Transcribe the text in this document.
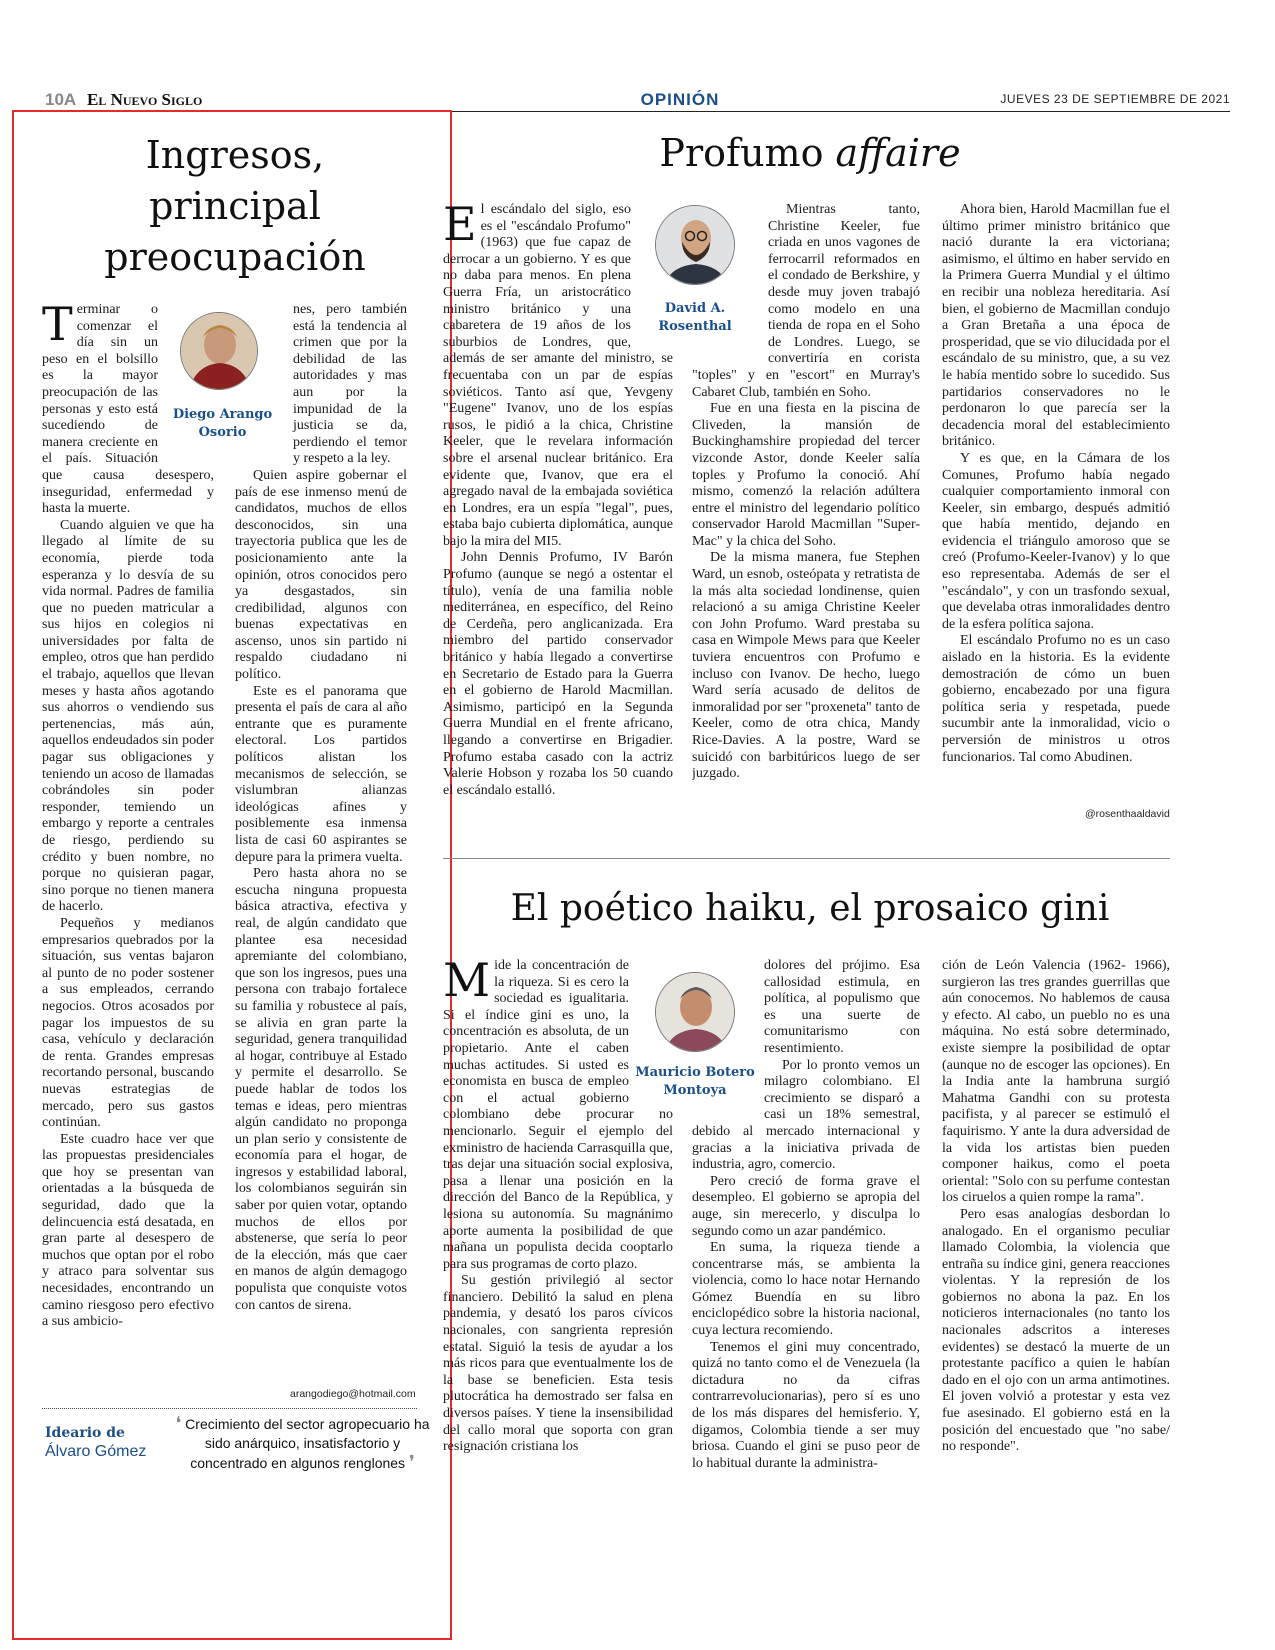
10A El Nuevo Siglo	OPINIÓN	JUEVES 23 DE SEPTIEMBRE DE 2021
Ingresos,
principal
preocupación
Diego Arango
Osorio

Terminar o comenzar el día sin un peso en el bolsillo es la mayor preocupación de las personas y esto está sucediendo de manera creciente en el país. Situación que causa desespero, inseguridad, enfermedad y hasta la muerte.

Cuando alguien ve que ha llegado al límite de su economía, pierde toda esperanza y lo desvía de su vida normal. Padres de familia que no pueden matricular a sus hijos en colegios ni universidades por falta de empleo, otros que han perdido el trabajo, aquellos que llevan meses y hasta años agotando sus ahorros o vendiendo sus pertenencias, más aún, aquellos endeudados sin poder pagar sus obligaciones y teniendo un acoso de llamadas cobrándoles sin poder responder, temiendo un embargo y reporte a centrales de riesgo, perdiendo su crédito y buen nombre, no porque no quisieran pagar, sino porque no tienen manera de hacerlo.

Pequeños y medianos empresarios quebrados por la situación, sus ventas bajaron al punto de no poder sostener a sus empleados, cerrando negocios. Otros acosados por pagar los impuestos de su casa, vehículo y declaración de renta. Grandes empresas recortando personal, buscando nuevas estrategias de mercado, pero sus gastos continúan.

Este cuadro hace ver que las propuestas presidenciales que hoy se presentan van orientadas a la búsqueda de seguridad, dado que la delincuencia está desatada, en gran parte al desespero de muchos que optan por el robo y atraco para solventar sus necesidades, encontrando un camino riesgoso pero efectivo a sus ambicio-

nes, pero también está la tendencia al crimen que por la debilidad de las autoridades y mas aun por la impunidad de la justicia se da, perdiendo el temor y respeto a la ley.

Quien aspire gobernar el país de ese inmenso menú de candidatos, muchos de ellos desconocidos, sin una trayectoria publica que les de posicionamiento ante la opinión, otros conocidos pero ya desgastados, sin credibilidad, algunos con buenas expectativas en ascenso, unos sin partido ni respaldo ciudadano ni político.

Este es el panorama que presenta el país de cara al año entrante que es puramente electoral. Los partidos políticos alistan los mecanismos de selección, se vislumbran alianzas ideológicas afines y posiblemente esa inmensa lista de casi 60 aspirantes se depure para la primera vuelta.

Pero hasta ahora no se escucha ninguna propuesta básica atractiva, efectiva y real, de algún candidato que plantee esa necesidad apremiante del colombiano, que son los ingresos, pues una persona con trabajo fortalece su familia y robustece al país, se alivia en gran parte la seguridad, genera tranquilidad al hogar, contribuye al Estado y permite el desarrollo. Se puede hablar de todos los temas e ideas, pero mientras algún candidato no proponga un plan serio y consistente de economía para el hogar, de ingresos y estabilidad laboral, los colombianos seguirán sin saber por quien votar, optando muchos de ellos por abstenerse, que sería lo peor de la elección, más que caer en manos de algún demagogo populista que conquiste votos con cantos de sirena.

arangodiego@hotmail.com
Ideario de
Álvaro Gómez
❛ Crecimiento del sector agropecuario ha sido anárquico, insatisfactorio y concentrado en algunos renglones ❜
Profumo affaire
David A.
Rosenthal

El escándalo del siglo, eso es el "escándalo Profumo" (1963) que fue capaz de derrocar a un gobierno. Y es que no daba para menos. En plena Guerra Fría, un aristocrático ministro británico y una cabaretera de 19 años de los suburbios de Londres, que, además de ser amante del ministro, se frecuentaba con un par de espías soviéticos. Tanto así que, Yevgeny "Eugene" Ivanov, uno de los espías rusos, le pidió a la chica, Christine Keeler, que le revelara información sobre el arsenal nuclear británico. Era evidente que, Ivanov, que era el agregado naval de la embajada soviética en Londres, era un espía "legal", pues, estaba bajo cubierta diplomática, aunque bajo la mira del MI5.

John Dennis Profumo, IV Barón Profumo (aunque se negó a ostentar el título), venía de una familia noble mediterránea, en específico, del Reino de Cerdeña, pero anglicanizada. Era miembro del partido conservador británico y había llegado a convertirse en Secretario de Estado para la Guerra en el gobierno de Harold Macmillan. Asimismo, participó en la Segunda Guerra Mundial en el frente africano, llegando a convertirse en Brigadier. Profumo estaba casado con la actriz Valerie Hobson y rozaba los 50 cuando el escándalo estalló.

Mientras tanto, Christine Keeler, fue criada en unos vagones de ferrocarril reformados en el condado de Berkshire, y desde muy joven trabajó como modelo en una tienda de ropa en el Soho de Londres. Luego, se convertiría en corista "toples" y en "escort" en Murray's Cabaret Club, también en Soho.

Fue en una fiesta en la piscina de Cliveden, la mansión de Buckinghamshire propiedad del tercer vizconde Astor, donde Keeler salía toples y Profumo la conoció. Ahí mismo, comenzó la relación adúltera entre el ministro del legendario político conservador Harold Macmillan "Super-Mac" y la chica del Soho.

De la misma manera, fue Stephen Ward, un esnob, osteópata y retratista de la más alta sociedad londinense, quien relacionó a su amiga Christine Keeler con John Profumo. Ward prestaba su casa en Wimpole Mews para que Keeler tuviera encuentros con Profumo e incluso con Ivanov. De hecho, luego Ward sería acusado de delitos de inmoralidad por ser "proxeneta" tanto de Keeler, como de otra chica, Mandy Rice-Davies. A la postre, Ward se suicidó con barbitúricos luego de ser juzgado.

Ahora bien, Harold Macmillan fue el último primer ministro británico que nació durante la era victoriana; asimismo, el último en haber servido en la Primera Guerra Mundial y el último en recibir una nobleza hereditaria. Así bien, el gobierno de Macmillan condujo a Gran Bretaña a una época de prosperidad, que se vio dilucidada por el escándalo de su ministro, que, a su vez le había mentido sobre lo sucedido. Sus partidarios conservadores no le perdonaron lo que parecía ser la decadencia moral del establecimiento británico.

Y es que, en la Cámara de los Comunes, Profumo había negado cualquier comportamiento inmoral con Keeler, sin embargo, después admitió que había mentido, dejando en evidencia el triángulo amoroso que se creó (Profumo-Keeler-Ivanov) y lo que eso representaba. Además de ser el "escándalo", y con un trasfondo sexual, que develaba otras inmoralidades dentro de la esfera política sajona.

El escándalo Profumo no es un caso aislado en la historia. Es la evidente demostración de cómo un buen gobierno, encabezado por una figura política seria y respetada, puede sucumbir ante la inmoralidad, vicio o perversión de ministros u otros funcionarios. Tal como Abudinen.

@rosenthaaldavid
El poético haiku, el prosaico gini
Mauricio Botero
Montoya

Mide la concentración de la riqueza. Si es cero la sociedad es igualitaria. Si el índice gini es uno, la concentración es absoluta, de un propietario. Ante el caben muchas actitudes. Si usted es economista en busca de empleo con el actual gobierno colombiano debe procurar no mencionarlo. Seguir el ejemplo del exministro de hacienda Carrasquilla que, tras dejar una situación social explosiva, pasa a llenar una posición en la dirección del Banco de la República, y lesiona su autonomía. Su magnánimo aporte aumenta la posibilidad de que mañana un populista decida cooptarlo para sus programas de corto plazo.

Su gestión privilegió al sector financiero. Debilitó la salud en plena pandemia, y desató los paros cívicos nacionales, con sangrienta represión estatal. Siguió la tesis de ayudar a los más ricos para que eventualmente los de la base se beneficien. Esta tesis plutocrática ha demostrado ser falsa en diversos países. Y tiene la insensibilidad del callo moral que soporta con gran resignación cristiana los

dolores del prójimo. Esa callosidad estimula, en política, al populismo que es una suerte de comunitarismo con resentimiento.

Por lo pronto vemos un milagro colombiano. El crecimiento se disparó a casi un 18% semestral, debido al mercado internacional y gracias a la iniciativa privada de industria, agro, comercio.

Pero creció de forma grave el desempleo. El gobierno se apropia del auge, sin merecerlo, y disculpa lo segundo como un azar pandémico.

En suma, la riqueza tiende a concentrarse más, se ambienta la violencia, como lo hace notar Hernando Gómez Buendía en su libro enciclopédico sobre la historia nacional, cuya lectura recomiendo.

Tenemos el gini muy concentrado, quizá no tanto como el de Venezuela (la dictadura no da cifras contrarrevolucionarias), pero sí es uno de los más dispares del hemisferio. Y, digamos, Colombia tiende a ser muy briosa. Cuando el gini se puso peor de lo habitual durante la administra-

ción de León Valencia (1962- 1966), surgieron las tres grandes guerrillas que aún conocemos. No hablemos de causa y efecto. Al cabo, un pueblo no es una máquina. No está sobre determinado, existe siempre la posibilidad de optar (aunque no de escoger las opciones). En la India ante la hambruna surgió Mahatma Gandhi con su protesta pacifista, y al parecer se estimuló el faquirismo. Y ante la dura adversidad de la vida los artistas bien pueden componer haikus, como el poeta oriental: "Solo con su perfume contestan los ciruelos a quien rompe la rama".

Pero esas analogías desbordan lo analogado. En el organismo peculiar llamado Colombia, la violencia que entraña su índice gini, genera reacciones violentas. Y la represión de los gobiernos no abona la paz. En los noticieros internacionales (no tanto los nacionales adscritos a intereses evidentes) se destacó la muerte de un protestante pacífico a quien le habían dado en el ojo con un arma antimotines. El joven volvió a protestar y esta vez fue asesinado. El gobierno está en la posición del encuestado que "no sabe/ no responde".
